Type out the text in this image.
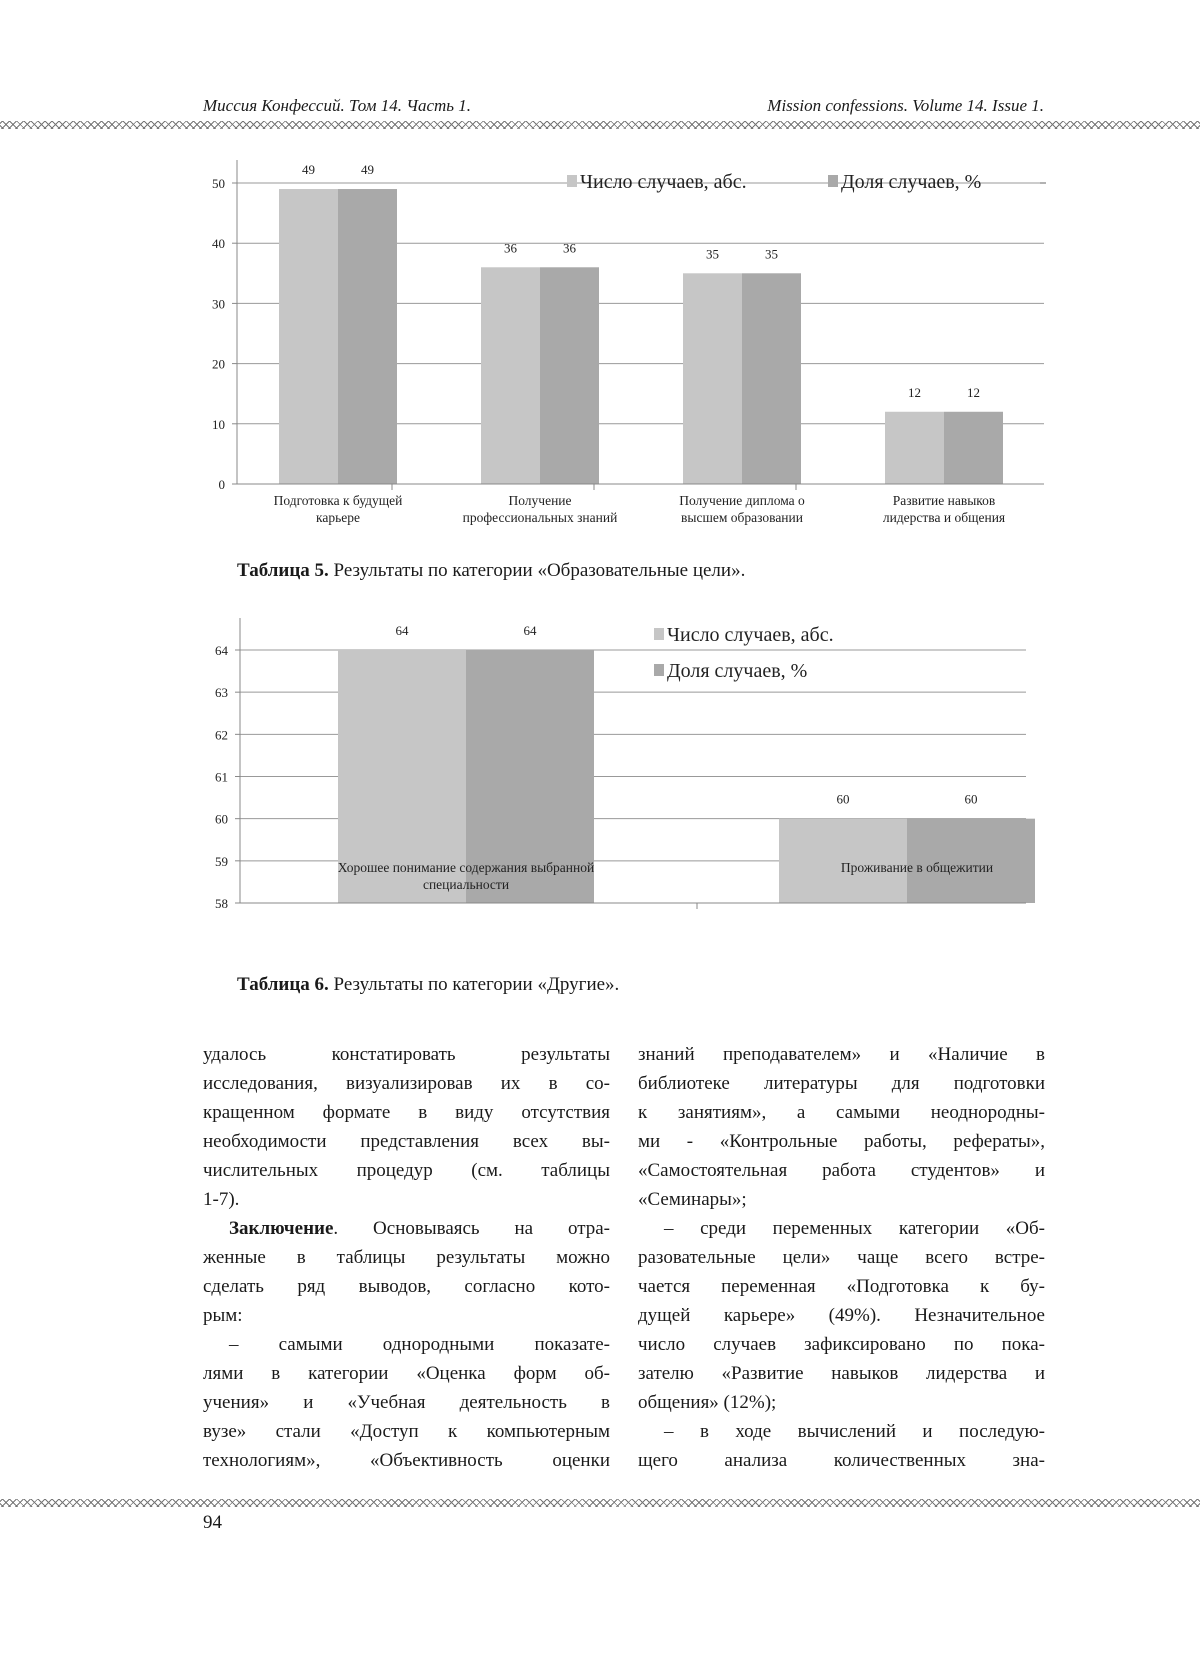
Миссия Конфессий. Том 14. Часть 1.	Mission confessions. Volume 14. Issue 1.
0
10
20
30
40
50
49
36	35
12
Число случаев, абс.
49
36	35
12
Доля случаев, %
Подготовка к будущей
карьере
Получение
профессиональных знаний
Получение диплома о
высшем образовании
Развитие навыков
лидерства и общения
Таблица 5. Результаты по категории «Образовательные цели».
58
59
60
61
62
63
64
64
60
Число случаев, абс.
64
60
Доля случаев, %
Хорошее понимание содержания выбранной
специальности
Проживание в общежитии
Таблица 6. Результаты по категории «Другие».
удалось констатировать результаты
исследования, визуализировав их в со-
кращенном формате в виду отсутствия
необходимости представления всех вы-
числительных процедур (см. таблицы
1-7).
Заключение. Основываясь на отра-
женные в таблицы результаты можно
сделать ряд выводов, согласно кото-
рым:
– самыми однородными показате-
лями в категории «Оценка форм об-
учения» и «Учебная деятельность в
вузе» стали «Доступ к компьютерным
технологиям», «Объективность оценки
знаний преподавателем» и «Наличие в
библиотеке литературы для подготовки
к занятиям», а самыми неоднородны-
ми - «Контрольные работы, рефераты»,
«Самостоятельная работа студентов» и
«Семинары»;
– среди переменных категории «Об-
разовательные цели» чаще всего встре-
чается переменная «Подготовка к бу-
дущей карьере» (49%). Незначительное
число случаев зафиксировано по пока-
зателю «Развитие навыков лидерства и
общения» (12%);
– в ходе вычислений и последую-
щего анализа количественных зна-
94
